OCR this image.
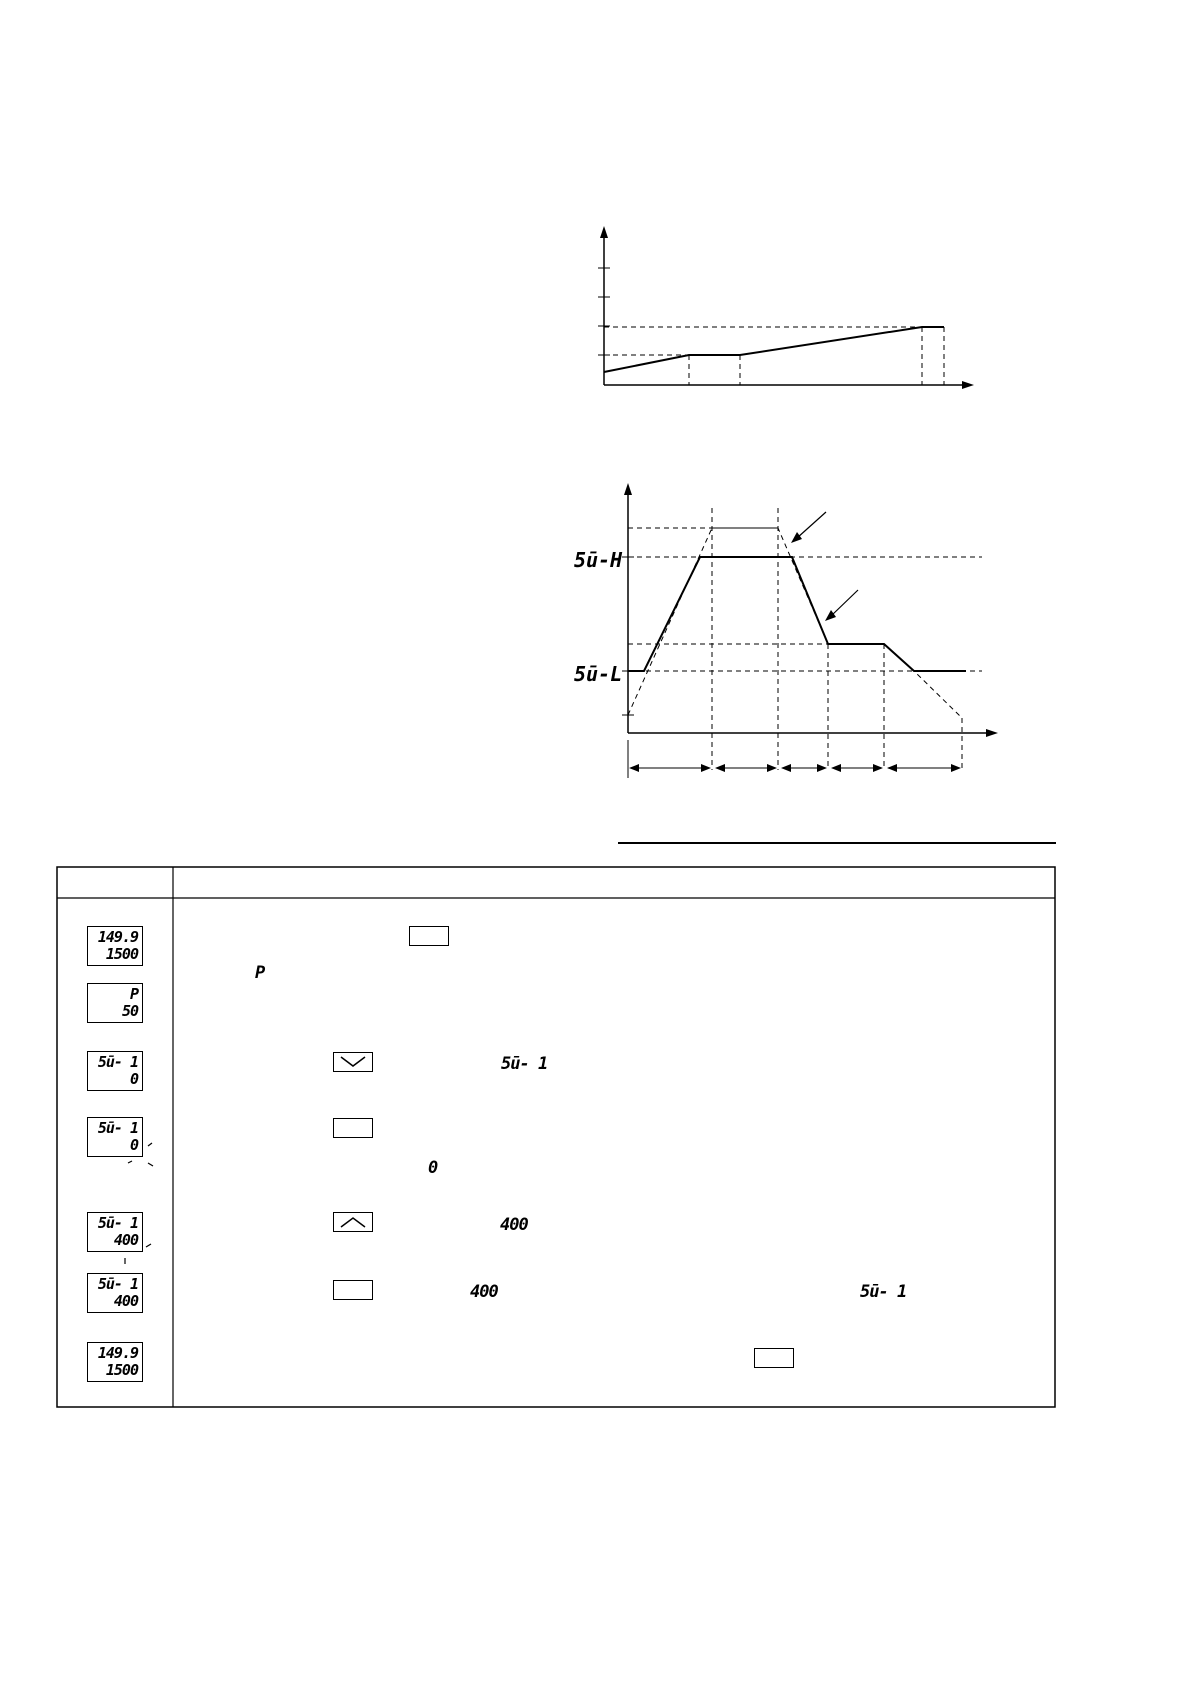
5ū-H
5ū-L
149.9
1500
P
50
5ū- 1
0
5ū- 1
0
5ū- 1
400
5ū- 1
400
149.9
1500
P
5ū- 1
0
400
400	5ū- 1
